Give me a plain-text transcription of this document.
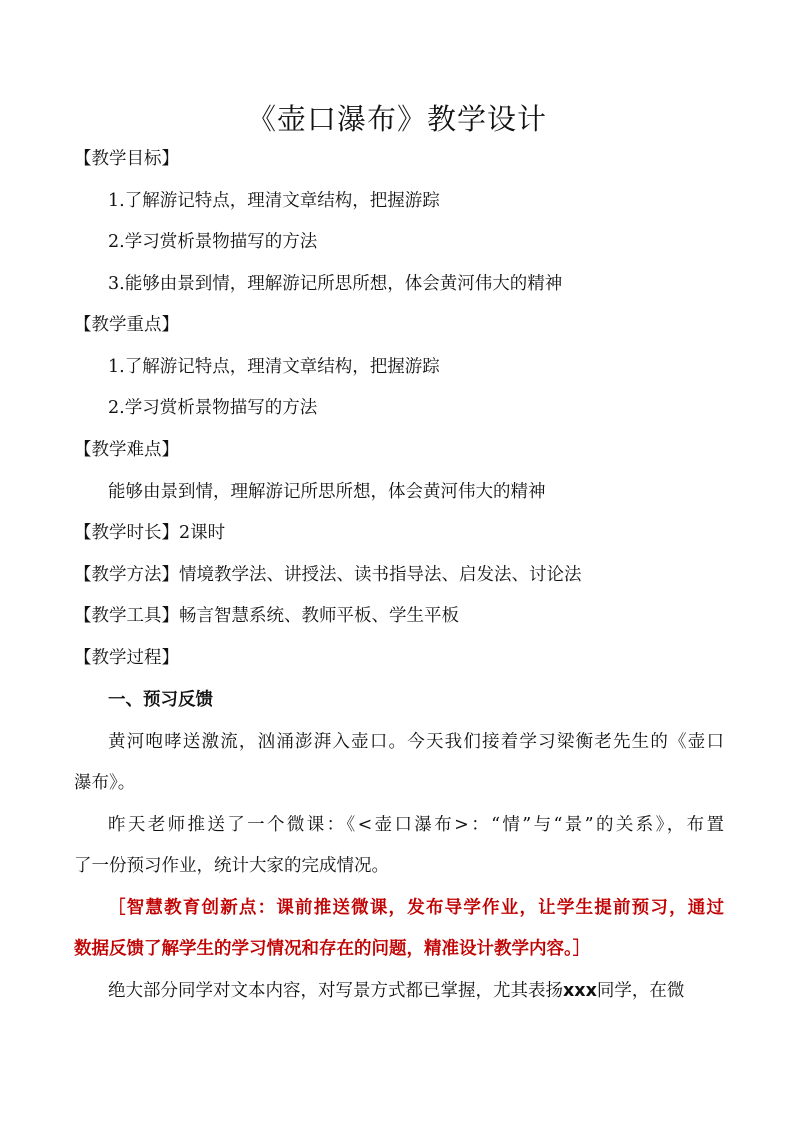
《壶口瀑布》教学设计
【教学目标】
1.了解游记特点，理清文章结构，把握游踪
2.学习赏析景物描写的方法
3.能够由景到情，理解游记所思所想，体会黄河伟大的精神
【教学重点】
1.了解游记特点，理清文章结构，把握游踪
2.学习赏析景物描写的方法
【教学难点】
能够由景到情，理解游记所思所想，体会黄河伟大的精神
【教学时长】2课时
【教学方法】情境教学法、讲授法、读书指导法、启发法、讨论法
【教学工具】畅言智慧系统、教师平板、学生平板
【教学过程】
一、预习反馈
黄河咆哮送激流，汹涌澎湃入壶口。今天我们接着学习梁衡老先生的《壶口
瀑布》。
昨天老师推送了一个微课：《<壶口瀑布>：“情”与“景”的关系》，布置
了一份预习作业，统计大家的完成情况。
［智慧教育创新点：课前推送微课，发布导学作业，让学生提前预习，通过
数据反馈了解学生的学习情况和存在的问题，精准设计教学内容。］
绝大部分同学对文本内容，对写景方式都已掌握，尤其表扬xxx同学，在微
